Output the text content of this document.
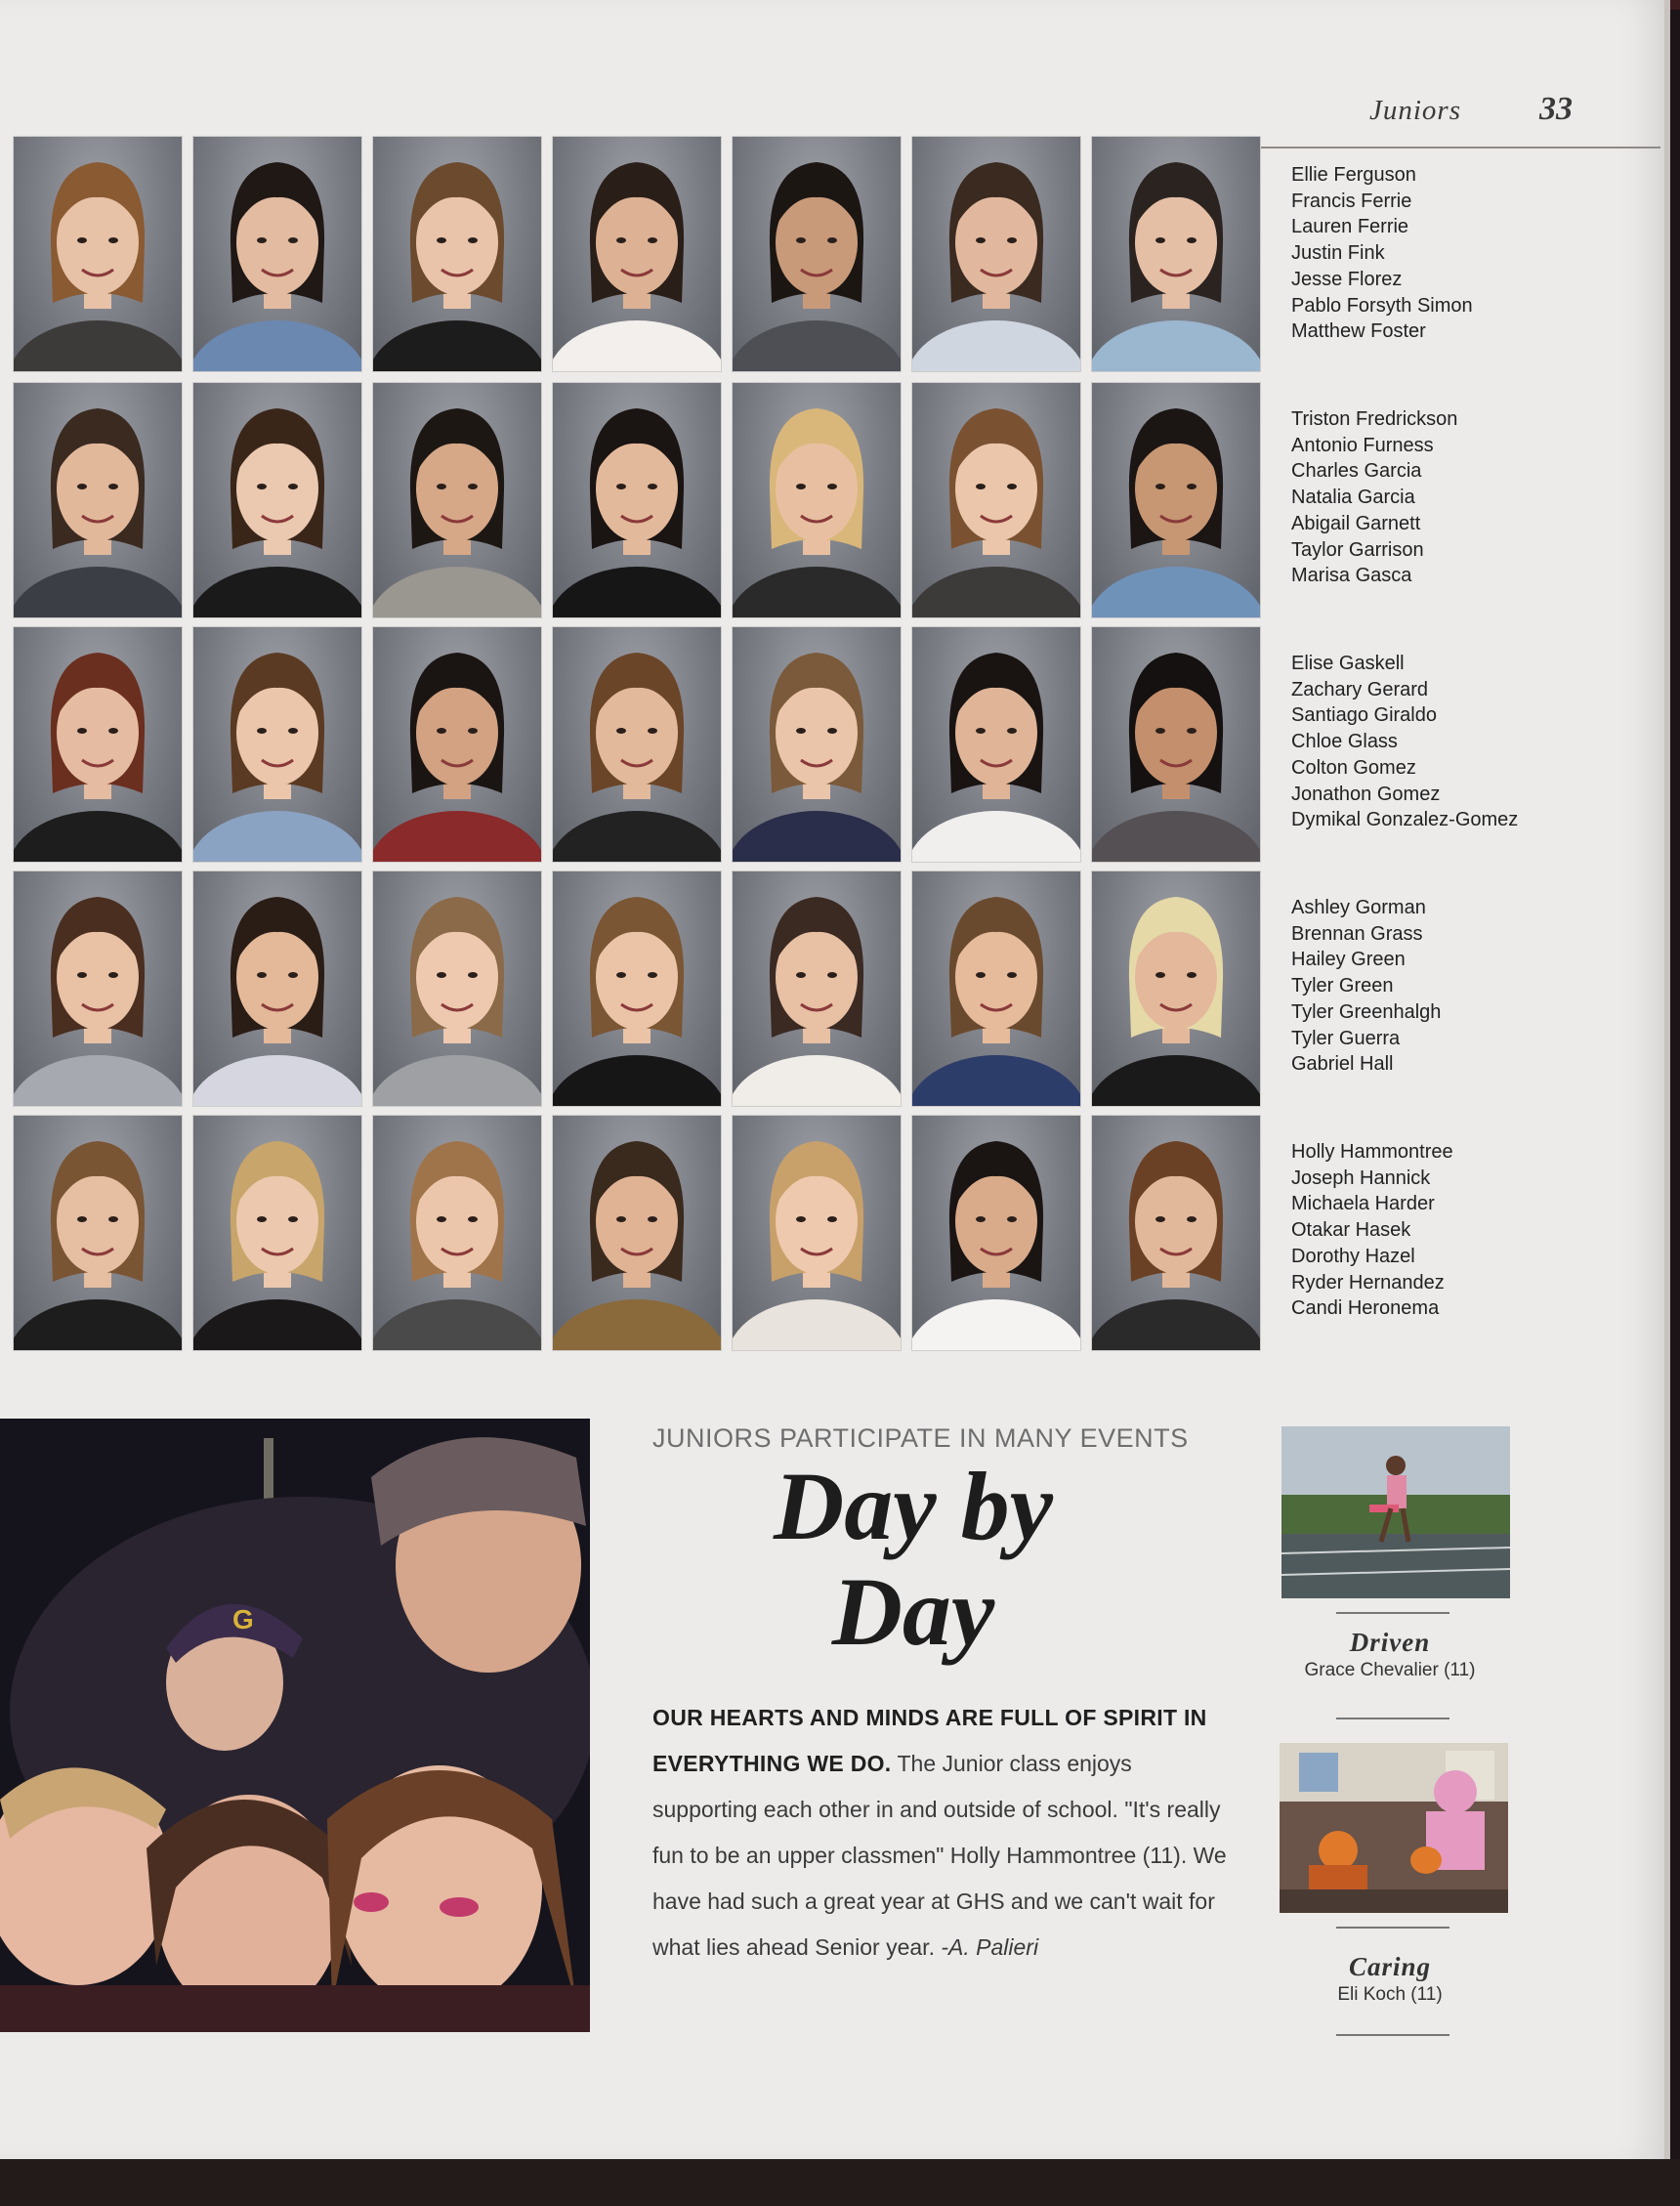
Juniors 33
G
JUNIORS PARTICIPATE IN MANY EVENTS
Day by
Day
OUR HEARTS AND MINDS ARE FULL OF SPIRIT IN EVERYTHING WE DO. The Junior class enjoys supporting each other in and outside of school. "It's really fun to be an upper classmen" Holly Hammontree (11). We have had such a great year at GHS and we can't wait for what lies ahead Senior year. -A. Palieri
Driven
Grace Chevalier (11)
Caring
Eli Koch (11)
Ellie Ferguson
Francis Ferrie
Lauren Ferrie
Justin Fink
Jesse Florez
Pablo Forsyth Simon
Matthew Foster
Triston Fredrickson
Antonio Furness
Charles Garcia
Natalia Garcia
Abigail Garnett
Taylor Garrison
Marisa Gasca
Elise Gaskell
Zachary Gerard
Santiago Giraldo
Chloe Glass
Colton Gomez
Jonathon Gomez
Dymikal Gonzalez-Gomez
Ashley Gorman
Brennan Grass
Hailey Green
Tyler Green
Tyler Greenhalgh
Tyler Guerra
Gabriel Hall
Holly Hammontree
Joseph Hannick
Michaela Harder
Otakar Hasek
Dorothy Hazel
Ryder Hernandez
Candi Heronema
